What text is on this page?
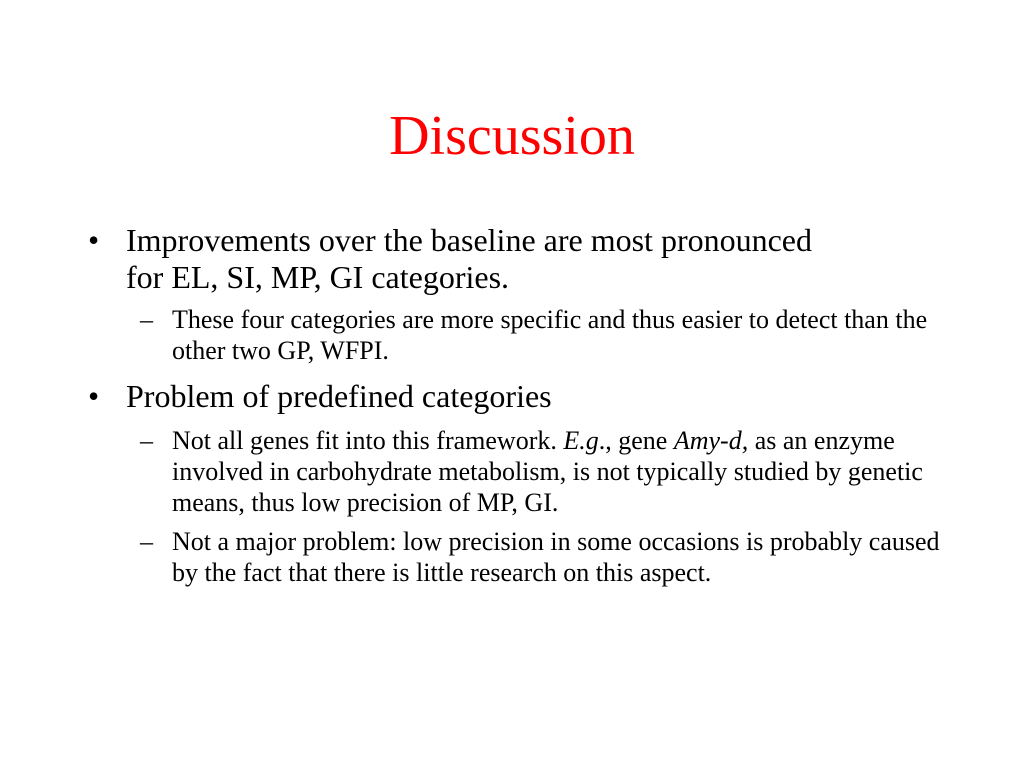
Discussion
• Improvements over the baseline are most pronounced for EL, SI, MP, GI categories.
– These four categories are more specific and thus easier to detect than the other two GP, WFPI.
• Problem of predefined categories
– Not all genes fit into this framework. E.g., gene Amy-d, as an enzyme involved in carbohydrate metabolism, is not typically studied by genetic means, thus low precision of MP, GI.
– Not a major problem: low precision in some occasions is probably caused by the fact that there is little research on this aspect.
